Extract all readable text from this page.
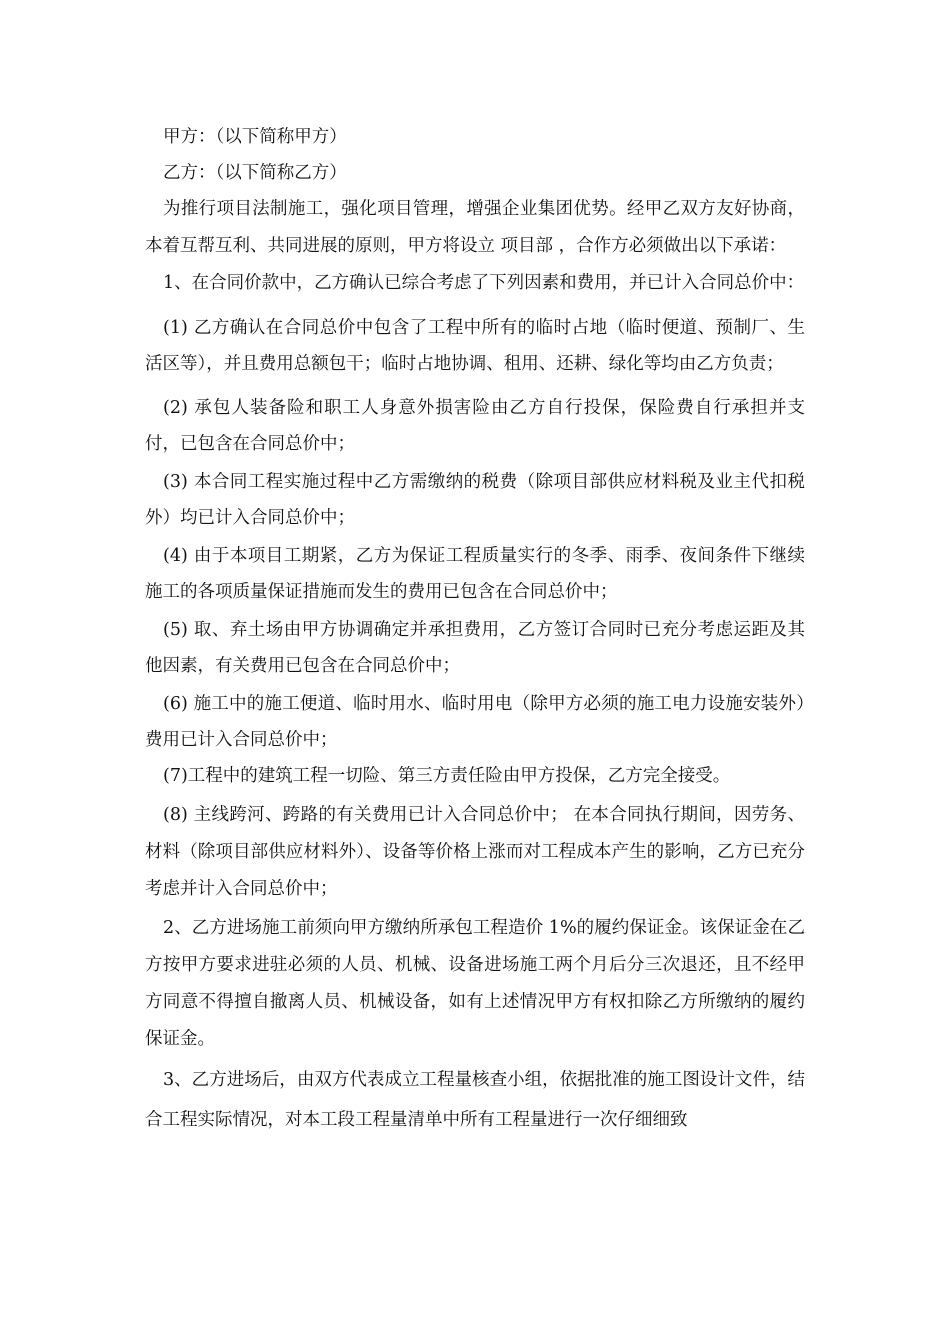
甲方：（以下简称甲方）

乙方：（以下简称乙方）

为推行项目法制施工，强化项目管理，增强企业集团优势。经甲乙双方友好协商，本着互帮互利、共同进展的原则，甲方将设立 项目部 ，合作方必须做出以下承诺：

1、在合同价款中，乙方确认已综合考虑了下列因素和费用，并已计入合同总价中：

(1) 乙方确认在合同总价中包含了工程中所有的临时占地（临时便道、预制厂、生活区等），并且费用总额包干；临时占地协调、租用、还耕、绿化等均由乙方负责；

(2) 承包人装备险和职工人身意外损害险由乙方自行投保，保险费自行承担并支付，已包含在合同总价中；

(3) 本合同工程实施过程中乙方需缴纳的税费（除项目部供应材料税及业主代扣税外）均已计入合同总价中；

(4) 由于本项目工期紧，乙方为保证工程质量实行的冬季、雨季、夜间条件下继续施工的各项质量保证措施而发生的费用已包含在合同总价中；

(5) 取、弃土场由甲方协调确定并承担费用，乙方签订合同时已充分考虑运距及其他因素，有关费用已包含在合同总价中；

(6) 施工中的施工便道、临时用水、临时用电（除甲方必须的施工电力设施安装外）费用已计入合同总价中；

(7)工程中的建筑工程一切险、第三方责任险由甲方投保，乙方完全接受。

(8) 主线跨河、跨路的有关费用已计入合同总价中； 在本合同执行期间，因劳务、材料（除项目部供应材料外）、设备等价格上涨而对工程成本产生的影响，乙方已充分考虑并计入合同总价中；

2、乙方进场施工前须向甲方缴纳所承包工程造价 1%的履约保证金。该保证金在乙方按甲方要求进驻必须的人员、机械、设备进场施工两个月后分三次退还，且不经甲方同意不得擅自撤离人员、机械设备，如有上述情况甲方有权扣除乙方所缴纳的履约保证金。

3、乙方进场后，由双方代表成立工程量核查小组，依据批准的施工图设计文件，结合工程实际情况，对本工段工程量清单中所有工程量进行一次仔细细致
